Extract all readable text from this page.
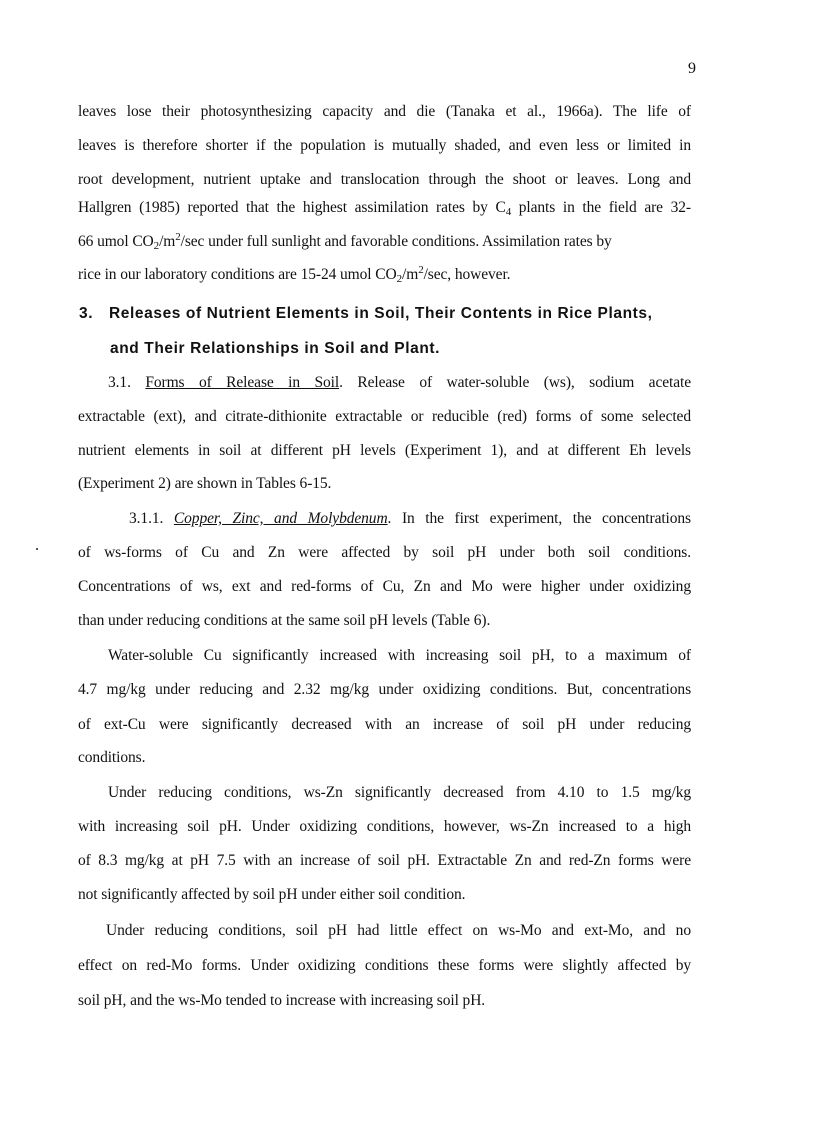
9
leaves lose their photosynthesizing capacity and die (Tanaka et al., 1966a). The life of
leaves is therefore shorter if the population is mutually shaded, and even less or limited in
root development, nutrient uptake and translocation through the shoot or leaves. Long and
Hallgren (1985) reported that the highest assimilation rates by $C_4$ plants in the field are 32-
66 umol $CO_2/m^2/\sec$ under full sunlight and favorable conditions. Assimilation rates by
rice in our laboratory conditions are 15-24 umol $CO_2/m^2/\sec$, however.
3. Releases of Nutrient Elements in Soil, Their Contents in Rice Plants,
and Their Relationships in Soil and Plant.
3.1. Forms of Release in Soil. Release of water-soluble (ws), sodium acetate
extractable (ext), and citrate-dithionite extractable or reducible (red) forms of some selected
nutrient elements in soil at different pH levels (Experiment 1), and at different Eh levels
(Experiment 2) are shown in Tables 6-15.
3.1.1. Copper, Zinc, and Molybdenum. In the first experiment, the concentrations
of ws-forms of Cu and Zn were affected by soil pH under both soil conditions.
Concentrations of ws, ext and red-forms of Cu, Zn and Mo were higher under oxidizing
than under reducing conditions at the same soil pH levels (Table 6).
Water-soluble Cu significantly increased with increasing soil pH, to a maximum of
4.7 mg/kg under reducing and 2.32 mg/kg under oxidizing conditions. But, concentrations
of ext-Cu were significantly decreased with an increase of soil pH under reducing
conditions.
Under reducing conditions, ws-Zn significantly decreased from 4.10 to 1.5 mg/kg
with increasing soil pH. Under oxidizing conditions, however, ws-Zn increased to a high
of 8.3 mg/kg at pH 7.5 with an increase of soil pH. Extractable Zn and red-Zn forms were
not significantly affected by soil pH under either soil condition.
Under reducing conditions, soil pH had little effect on ws-Mo and ext-Mo, and no
effect on red-Mo forms. Under oxidizing conditions these forms were slightly affected by
soil pH, and the ws-Mo tended to increase with increasing soil pH.
